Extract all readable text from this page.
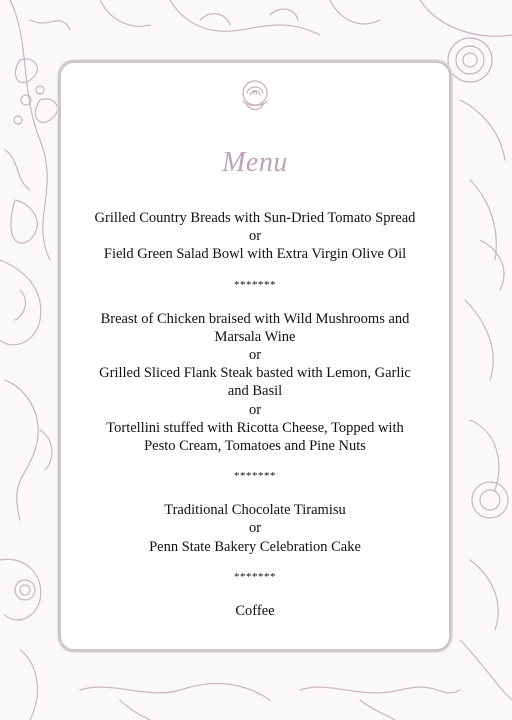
Menu
Grilled Country Breads with Sun-Dried Tomato Spread
or
Field Green Salad Bowl with Extra Virgin Olive Oil
*******
Breast of Chicken braised with Wild Mushrooms and
Marsala Wine
or
Grilled Sliced Flank Steak basted with Lemon, Garlic
and Basil
or
Tortellini stuffed with Ricotta Cheese, Topped with
Pesto Cream, Tomatoes and Pine Nuts
*******
Traditional Chocolate Tiramisu
or
Penn State Bakery Celebration Cake
*******
Coffee
